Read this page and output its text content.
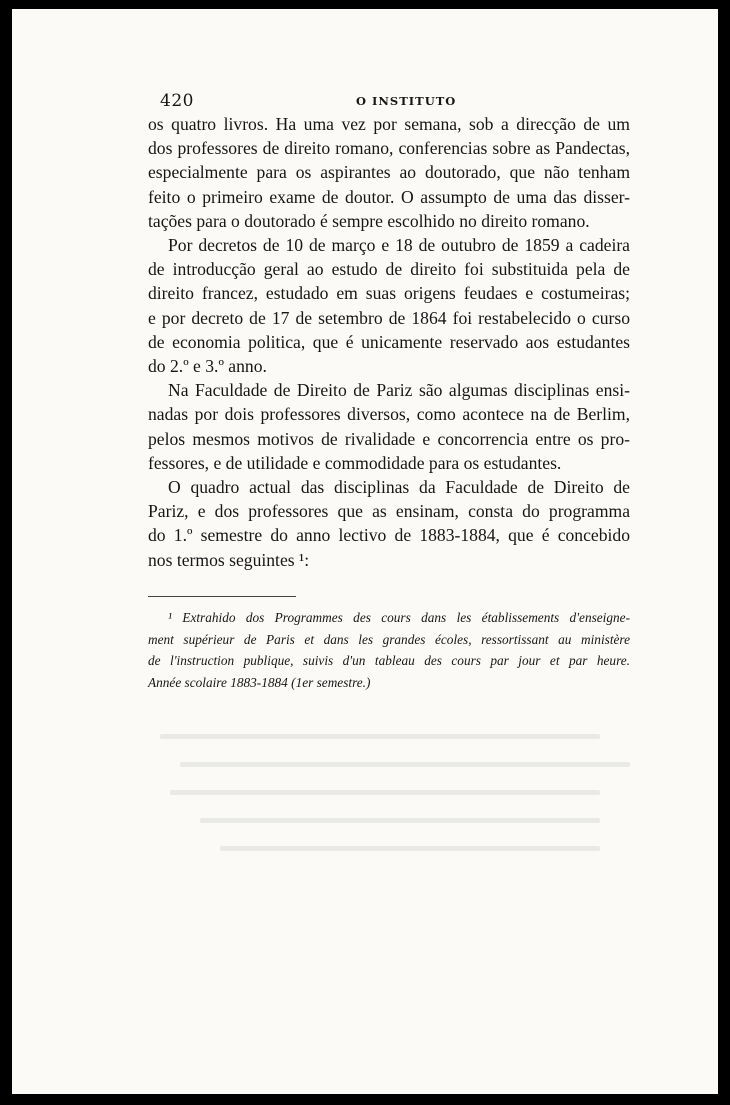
420	O INSTITUTO
os quatro livros. Ha uma vez por semana, sob a direcção de um
dos professores de direito romano, conferencias sobre as Pandectas,
especialmente para os aspirantes ao doutorado, que não tenham
feito o primeiro exame de doutor. O assumpto de uma das disser-
tações para o doutorado é sempre escolhido no direito romano.
Por decretos de 10 de março e 18 de outubro de 1859 a cadeira
de introducção geral ao estudo de direito foi substituida pela de
direito francez, estudado em suas origens feudaes e costumeiras;
e por decreto de 17 de setembro de 1864 foi restabelecido o curso
de economia politica, que é unicamente reservado aos estudantes
do 2.º e 3.º anno.
Na Faculdade de Direito de Pariz são algumas disciplinas ensi-
nadas por dois professores diversos, como acontece na de Berlim,
pelos mesmos motivos de rivalidade e concorrencia entre os pro-
fessores, e de utilidade e commodidade para os estudantes.
O quadro actual das disciplinas da Faculdade de Direito de
Pariz, e dos professores que as ensinam, consta do programma
do 1.º semestre do anno lectivo de 1883-1884, que é concebido
nos termos seguintes ¹:
¹ Extrahido dos Programmes des cours dans les établissements d'enseigne-
ment supérieur de Paris et dans les grandes écoles, ressortissant au ministère
de l'instruction publique, suivis d'un tableau des cours par jour et par heure.
Année scolaire 1883-1884 (1er semestre.)
